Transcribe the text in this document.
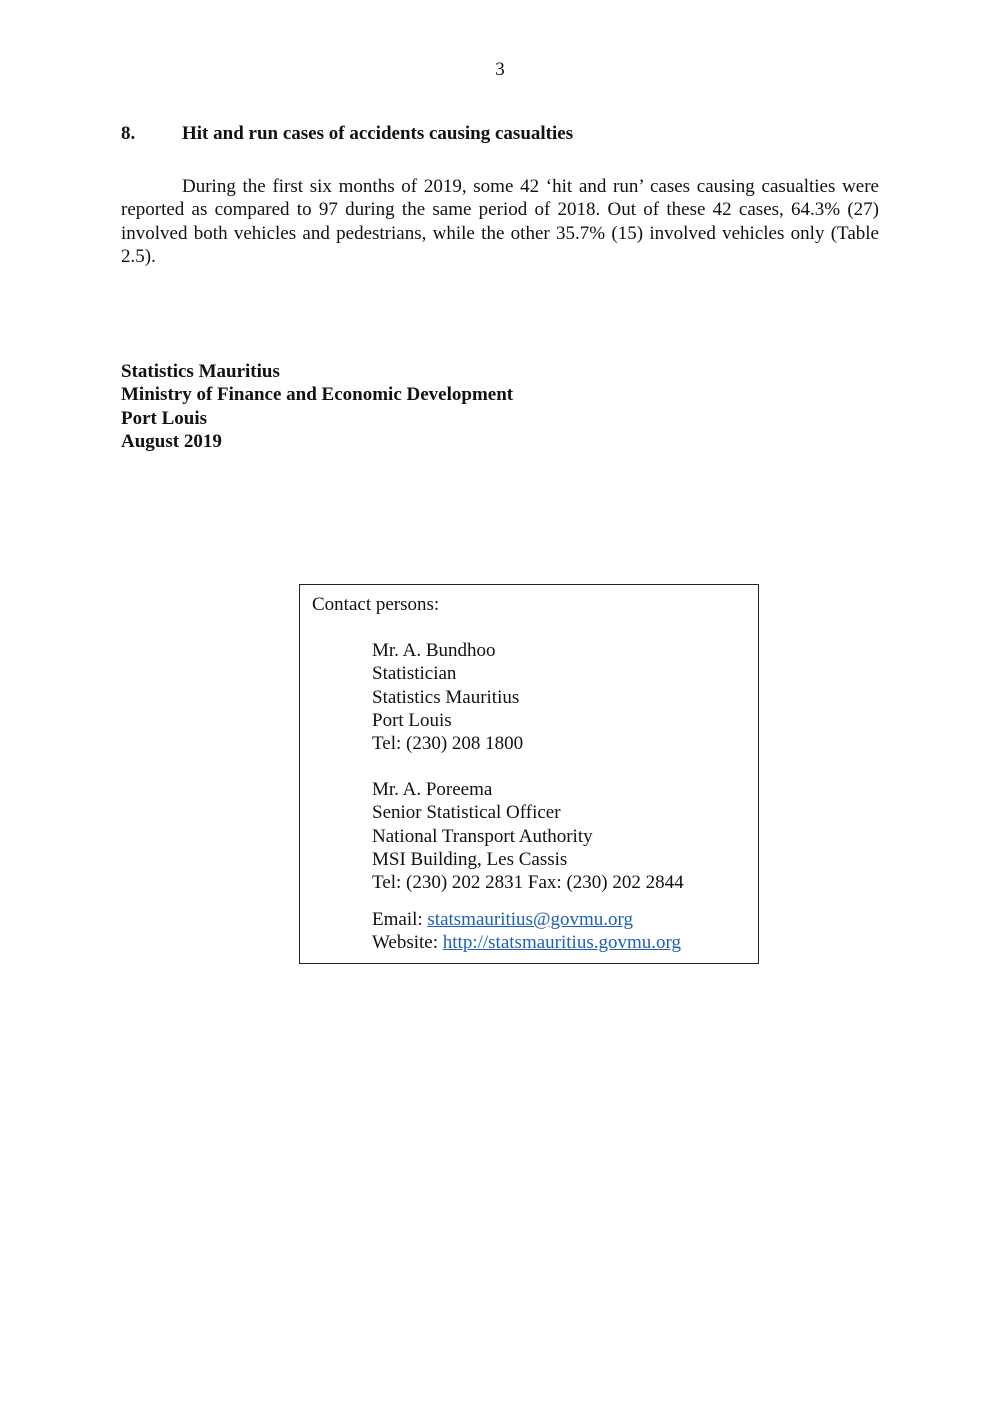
3
8. Hit and run cases of accidents causing casualties

During the first six months of 2019, some 42 ‘hit and run’ cases causing casualties were reported as compared to 97 during the same period of 2018. Out of these 42 cases, 64.3% (27) involved both vehicles and pedestrians, while the other 35.7% (15) involved vehicles only (Table 2.5).

Statistics Mauritius
Ministry of Finance and Economic Development
Port Louis
August 2019
Contact persons:
Mr. A. Bundhoo
Statistician
Statistics Mauritius
Port Louis
Tel: (230) 208 1800
Mr. A. Poreema
Senior Statistical Officer
National Transport Authority
MSI Building, Les Cassis
Tel: (230) 202 2831 Fax: (230) 202 2844
Email: statsmauritius@govmu.org
Website: http://statsmauritius.govmu.org
